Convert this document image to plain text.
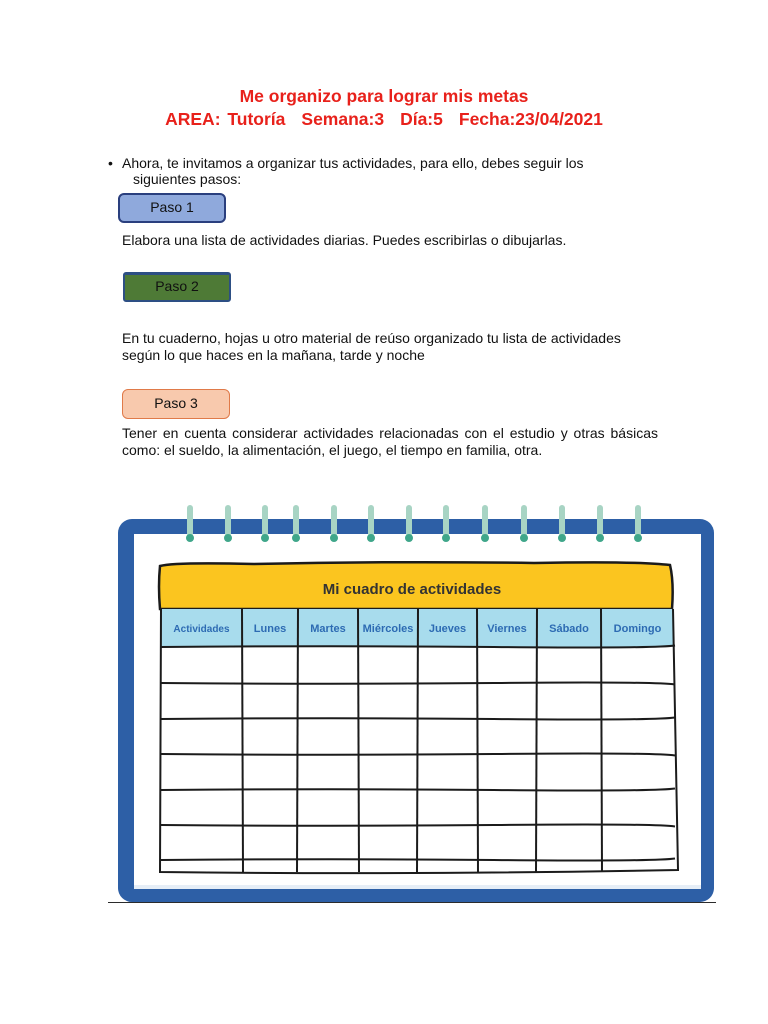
Me organizo para lograr mis metas
AREA: Tutoría Semana:3 Día:5 Fecha:23/04/2021
• Ahora, te invitamos a organizar tus actividades, para ello, debes seguir los
siguientes pasos:
Paso 1
Elabora una lista de actividades diarias. Puedes escribirlas o dibujarlas.
Paso 2
En tu cuaderno, hojas u otro material de reúso organizado tu lista de actividades
según lo que haces en la mañana, tarde y noche
Paso 3
Tener en cuenta considerar actividades relacionadas con el estudio y otras básicas como: el sueldo, la alimentación, el juego, el tiempo en familia, otra.
Mi cuadro de actividades
Actividades Lunes Martes Miércoles Jueves Viernes Sábado Domingo
